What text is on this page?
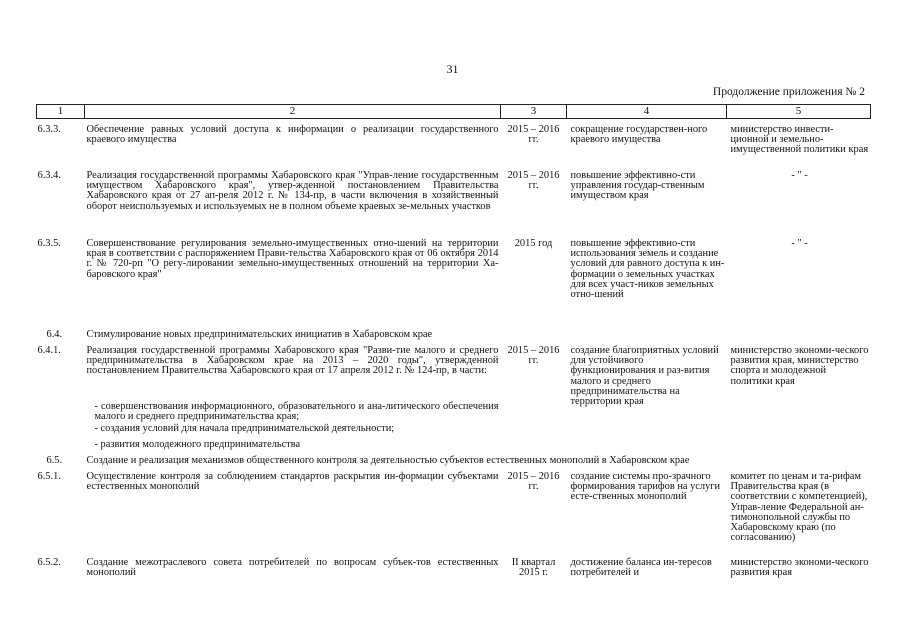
31
Продолжение приложения № 2
1	2	3	4	5

6.3.3.	Обеспечение равных условий доступа к информации о реализации государственного краевого имущества	2015 – 2016 гг.	сокращение государствен-ного краевого имущества	министерство инвести-ционной и земельно-имущественной политики края
6.3.4.	Реализация государственной программы Хабаровского края "Управ-ление государственным имуществом Хабаровского края", утвер-жденной постановлением Правительства Хабаровского края от 27 ап-реля 2012 г. № 134-пр, в части включения в хозяйственный оборот неиспользуемых и используемых не в полном объеме краевых зе-мельных участков	2015 – 2016 гг.	повышение эффективно-сти управления государ-ственным имуществом края	- " -
6.3.5.	Совершенствование регулирования земельно-имущественных отно-шений на территории края в соответствии с распоряжением Прави-тельства Хабаровского края от 06 октября 2014 г. № 720-рп "О регу-лировании земельно-имущественных отношений на территории Ха-баровского края"	2015 год	повышение эффективно-сти использования земель и создание условий для равного доступа к ин-формации о земельных участках для всех участ-ников земельных отно-шений	- " -
6.4.	Стимулирование новых предпринимательских инициатив в Хабаровском крае			
6.4.1.	Реализация государственной программы Хабаровского края "Разви-тие малого и среднего предпринимательства в Хабаровском крае на 2013 – 2020 годы", утвержденной постановлением Правительства Хабаровского края от 17 апреля 2012 г. № 124-пр, в части:	2015 – 2016 гг.	создание благоприятных условий для устойчивого функционирования и раз-вития малого и среднего предпринимательства на территории края	министерство экономи-ческого развития края, министерство спорта и молодежной политики края
	- совершенствования информационного, образовательного и ана-литического обеспечения малого и среднего предпринимательства края;			
	- создания условий для начала предпринимательской деятельности;			
	- развития молодежного предпринимательства			
6.5.	Создание и реализация механизмов общественного контроля за деятельностью субъектов естественных монополий в Хабаровском крае			
6.5.1.	Осуществление контроля за соблюдением стандартов раскрытия ин-формации субъектами естественных монополий	2015 – 2016 гг.	создание системы про-зрачного формирования тарифов на услуги есте-ственных монополий	комитет по ценам и та-рифам Правительства края (в соответствии с компетенцией), Управ-ление Федеральной ан-тимонопольной службы по Хабаровскому краю (по согласованию)
6.5.2.	Создание межотраслевого совета потребителей по вопросам субъек-тов естественных монополий	II квартал 2015 г.	достижение баланса ин-тересов потребителей и	министерство экономи-ческого развития края
